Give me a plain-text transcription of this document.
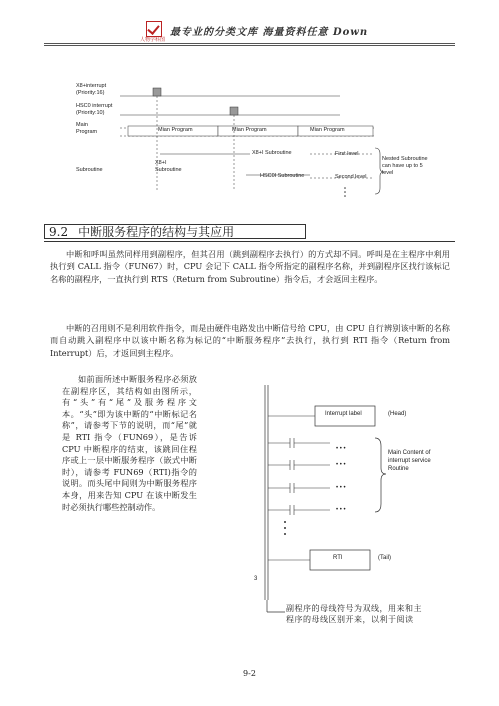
人物学科图
最专业的分类文库 海量资料任意 Down
X8+interrupt
(Priority:16)
HSC0 interrupt
(Priority:10)
Main
Program
Subroutine
Mian Program	Mian Program	Mian Program
X8+I
Subroutine
X8+I Subroutine
HSC0I Subroutine
First level
Second level
Nested Subroutine
can have up to 5
level
9.2 中断服务程序的结构与其应用
中断和呼叫虽然同样用到副程序，但其召用（跳到副程序去执行）的方式却不同。呼叫是在主程序中利用执行到 CALL 指令（FUN67）时，CPU 会记下 CALL 指令所指定的副程序名称，并到副程序区找行该标记名称的副程序，一直执行到 RTS（Return from Subroutine）指令后，才会返回主程序。
中断的召用则不是利用软件指令，而是由硬件电路发出中断信号给 CPU，由 CPU 自行辨别该中断的名称而自动跳入副程序中以该中断名称为标记的“中断服务程序”去执行，执行到 RTI 指令（Return from Interrupt）后，才返回到主程序。
如前面所述中断服务程序必须放在副程序区，其结构如由图所示，有“头”有“尾”及服务程序文本。“头”即为该中断的“中断标记名称”，请参考下节的说明，而“尾”就是 RTI 指令（FUN69），是告诉 CPU 中断程序的结束，该跳回住程序或上一层中断服务程序（嵌式中断时），请参考 FUN69（RTI)指令的说明。而头尾中间则为中断服务程序本身，用来告知 CPU 在该中断发生时必须执行哪些控制动作。
Interrupt label	(Head)
• • •
• • •
• • •
• • •
Main Content of
interrupt service
Routine
RTI	(Tail)
3
副程序的母线符号为双线，用来和主
程序的母线区别开来，以利于阅读
9-2
